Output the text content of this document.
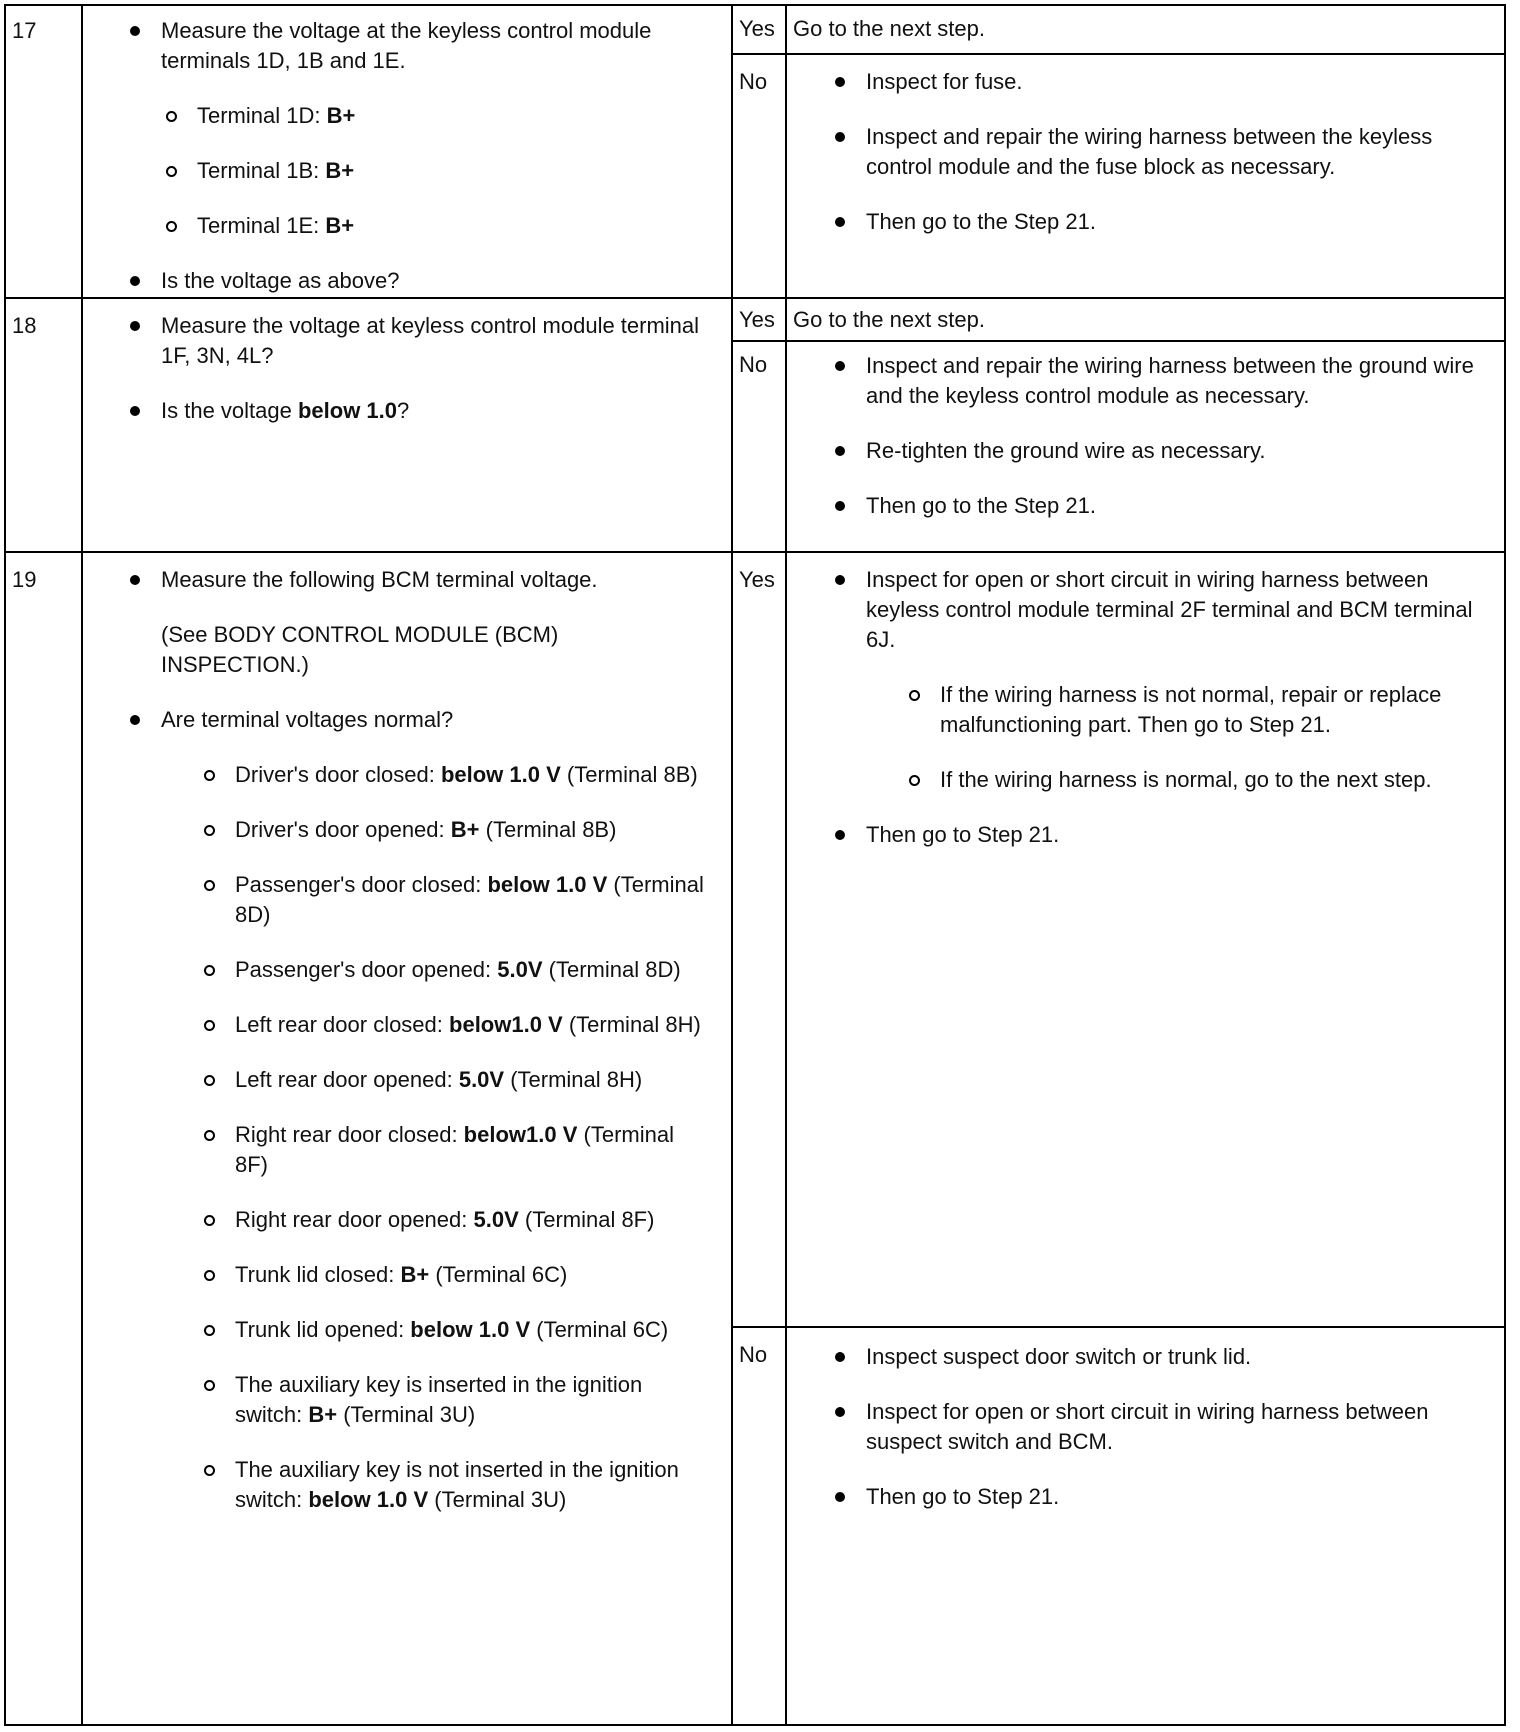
17	Measure the voltage at the keyless control module terminals 1D, 1B and 1E.
Terminal 1D: B+
Terminal 1B: B+
Terminal 1E: B+
Is the voltage as above?
Yes Go to the next step.
No	Inspect for fuse.
Inspect and repair the wiring harness between the keyless control module and the fuse block as necessary.
Then go to the Step 21.
18	Measure the voltage at keyless control module terminal 1F, 3N, 4L?
Is the voltage below 1.0?
Yes Go to the next step.
No	Inspect and repair the wiring harness between the ground wire and the keyless control module as necessary.
Re-tighten the ground wire as necessary.
Then go to the Step 21.
19	Measure the following BCM terminal voltage.
(See BODY CONTROL MODULE (BCM) INSPECTION.)
Are terminal voltages normal?
Driver's door closed: below 1.0 V (Terminal 8B)
Driver's door opened: B+ (Terminal 8B)
Passenger's door closed: below 1.0 V (Terminal 8D)
Passenger's door opened: 5.0V (Terminal 8D)
Left rear door closed: below1.0 V (Terminal 8H)
Left rear door opened: 5.0V (Terminal 8H)
Right rear door closed: below1.0 V (Terminal 8F)
Right rear door opened: 5.0V (Terminal 8F)
Trunk lid closed: B+ (Terminal 6C)
Trunk lid opened: below 1.0 V (Terminal 6C)
The auxiliary key is inserted in the ignition switch: B+ (Terminal 3U)
The auxiliary key is not inserted in the ignition switch: below 1.0 V (Terminal 3U)
Yes	Inspect for open or short circuit in wiring harness between keyless control module terminal 2F terminal and BCM terminal 6J.
If the wiring harness is not normal, repair or replace malfunctioning part. Then go to Step 21.
If the wiring harness is normal, go to the next step.
Then go to Step 21.
No	Inspect suspect door switch or trunk lid.
Inspect for open or short circuit in wiring harness between suspect switch and BCM.
Then go to Step 21.
